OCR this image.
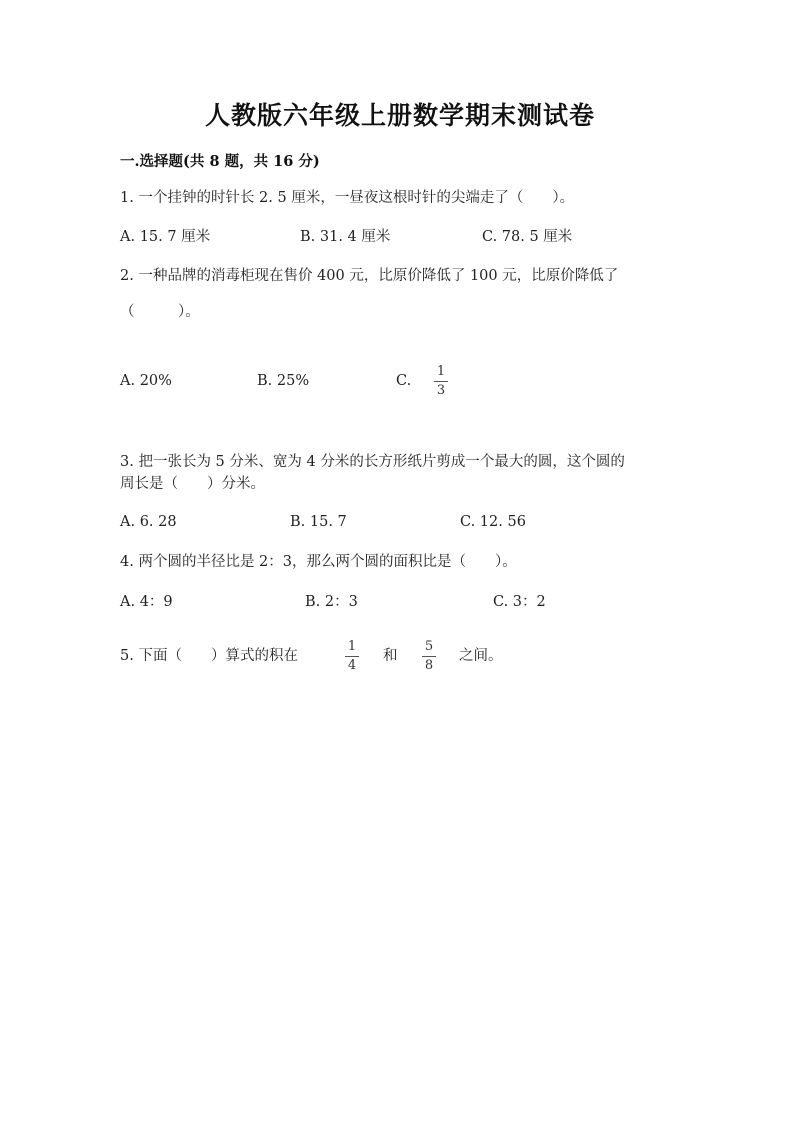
人教版六年级上册数学期末测试卷
一.选择题(共 8 题，共 16 分)
1. 一个挂钟的时针长 2. 5 厘米，一昼夜这根时针的尖端走了（　　）。
A. 15. 7 厘米	B. 31. 4 厘米	C. 78. 5 厘米
2. 一种品牌的消毒柜现在售价 400 元，比原价降低了 100 元，比原价降低了
（　　　）。
A. 20%	B. 25%	C.
1
3
3. 把一张长为 5 分米、宽为 4 分米的长方形纸片剪成一个最大的圆，这个圆的
周长是（　　）分米。
A. 6. 28	B. 15. 7	C. 12. 56
4. 两个圆的半径比是 2：3，那么两个圆的面积比是（　　）。
A. 4：9	B. 2：3	C. 3：2
5. 下面（　　）算式的积在
1
4
和
5
8
之间。
